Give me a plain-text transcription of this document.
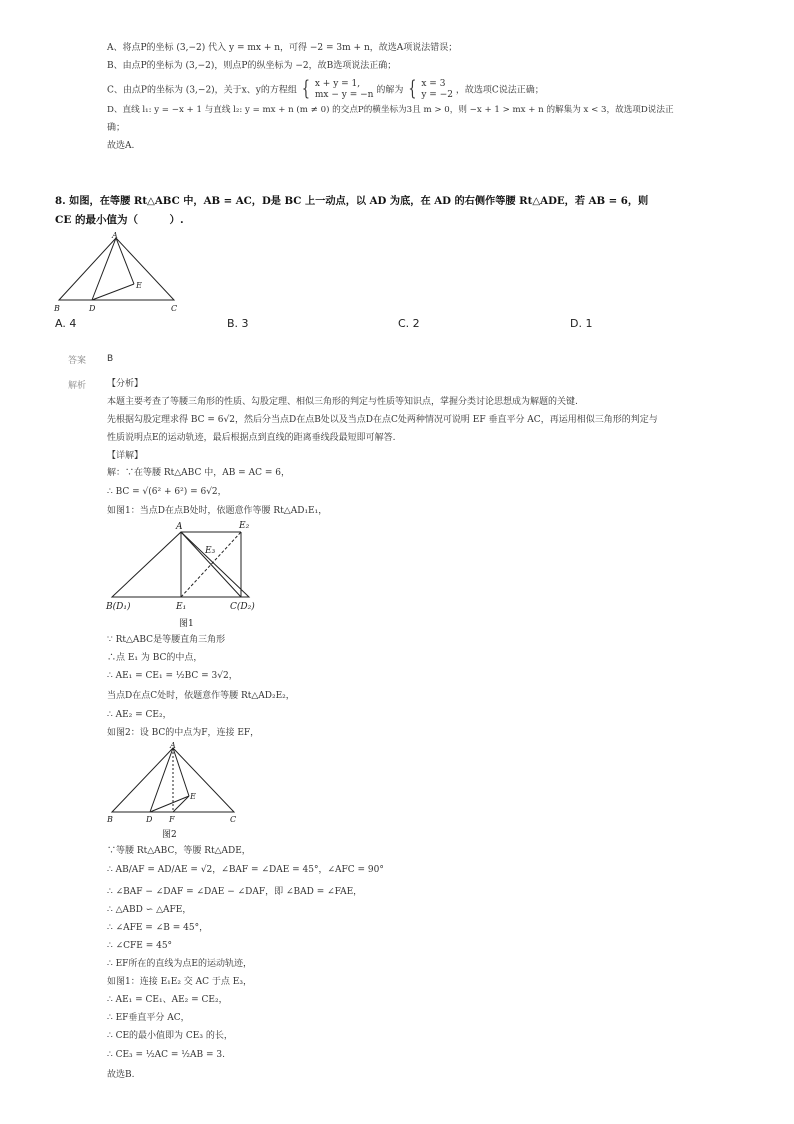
A、将点P的坐标 (3,−2) 代入 y = mx + n，可得 −2 = 3m + n，故选A项说法错误；
B、由点P的坐标为 (3,−2)，则点P的纵坐标为 −2，故B选项说法正确；
C、由点P的坐标为 (3,−2)，关于x、y的方程组 { x + y = 1,
mx − y = −n 的解为 { x = 3
y = −2 ，故选项C说法正确；
D、直线 l₁: y = −x + 1 与直线 l₂: y = mx + n (m ≠ 0) 的交点P的横坐标为3且 m > 0，则 −x + 1 > mx + n 的解集为 x < 3，故选项D说法正
确；
故选A.
8. 如图，在等腰 Rt△ABC 中，AB = AC，D是 BC 上一动点，以 AD 为底，在 AD 的右侧作等腰 Rt△ADE，若 AB = 6，则
CE 的最小值为（　　　）.
A
B	D	C
E
A. 4	B. 3	C. 2	D. 1
答案 B
解析 【分析】
本题主要考查了等腰三角形的性质、勾股定理、相似三角形的判定与性质等知识点，掌握分类讨论思想成为解题的关键.
先根据勾股定理求得 BC = 6√2，然后分当点D在点B处以及当点D在点C处两种情况可说明 EF 垂直平分 AC，再运用相似三角形的判定与
性质说明点E的运动轨迹，最后根据点到直线的距离垂线段最短即可解答.
【详解】
解：∵在等腰 Rt△ABC 中，AB = AC = 6，
∴ BC = √(6² + 6²) = 6√2，
如图1：当点D在点B处时，依题意作等腰 Rt△AD₁E₁，
A	E₂
E₃
B(D₁)	E₁	C(D₂)
图1
∵ Rt△ABC是等腰直角三角形
∴点 E₁ 为 BC的中点，
∴ AE₁ = CE₁ = ½BC = 3√2，
当点D在点C处时，依题意作等腰 Rt△AD₂E₂，
∴ AE₂ = CE₂，
如图2：设 BC的中点为F，连接 EF，
A
E
B	D F	C
图2
∵等腰 Rt△ABC，等腰 Rt△ADE，
∴ AB/AF = AD/AE = √2，∠BAF = ∠DAE = 45°，∠AFC = 90°
∴ ∠BAF − ∠DAF = ∠DAE − ∠DAF，即 ∠BAD = ∠FAE，
∴ △ABD ∽ △AFE，
∴ ∠AFE = ∠B = 45°，
∴ ∠CFE = 45°
∴ EF所在的直线为点E的运动轨迹，
如图1：连接 E₁E₂ 交 AC 于点 E₃，
∴ AE₁ = CE₁、AE₂ = CE₂，
∴ EF垂直平分 AC，
∴ CE的最小值即为 CE₃ 的长，
∴ CE₃ = ½AC = ½AB = 3.
故选B.
